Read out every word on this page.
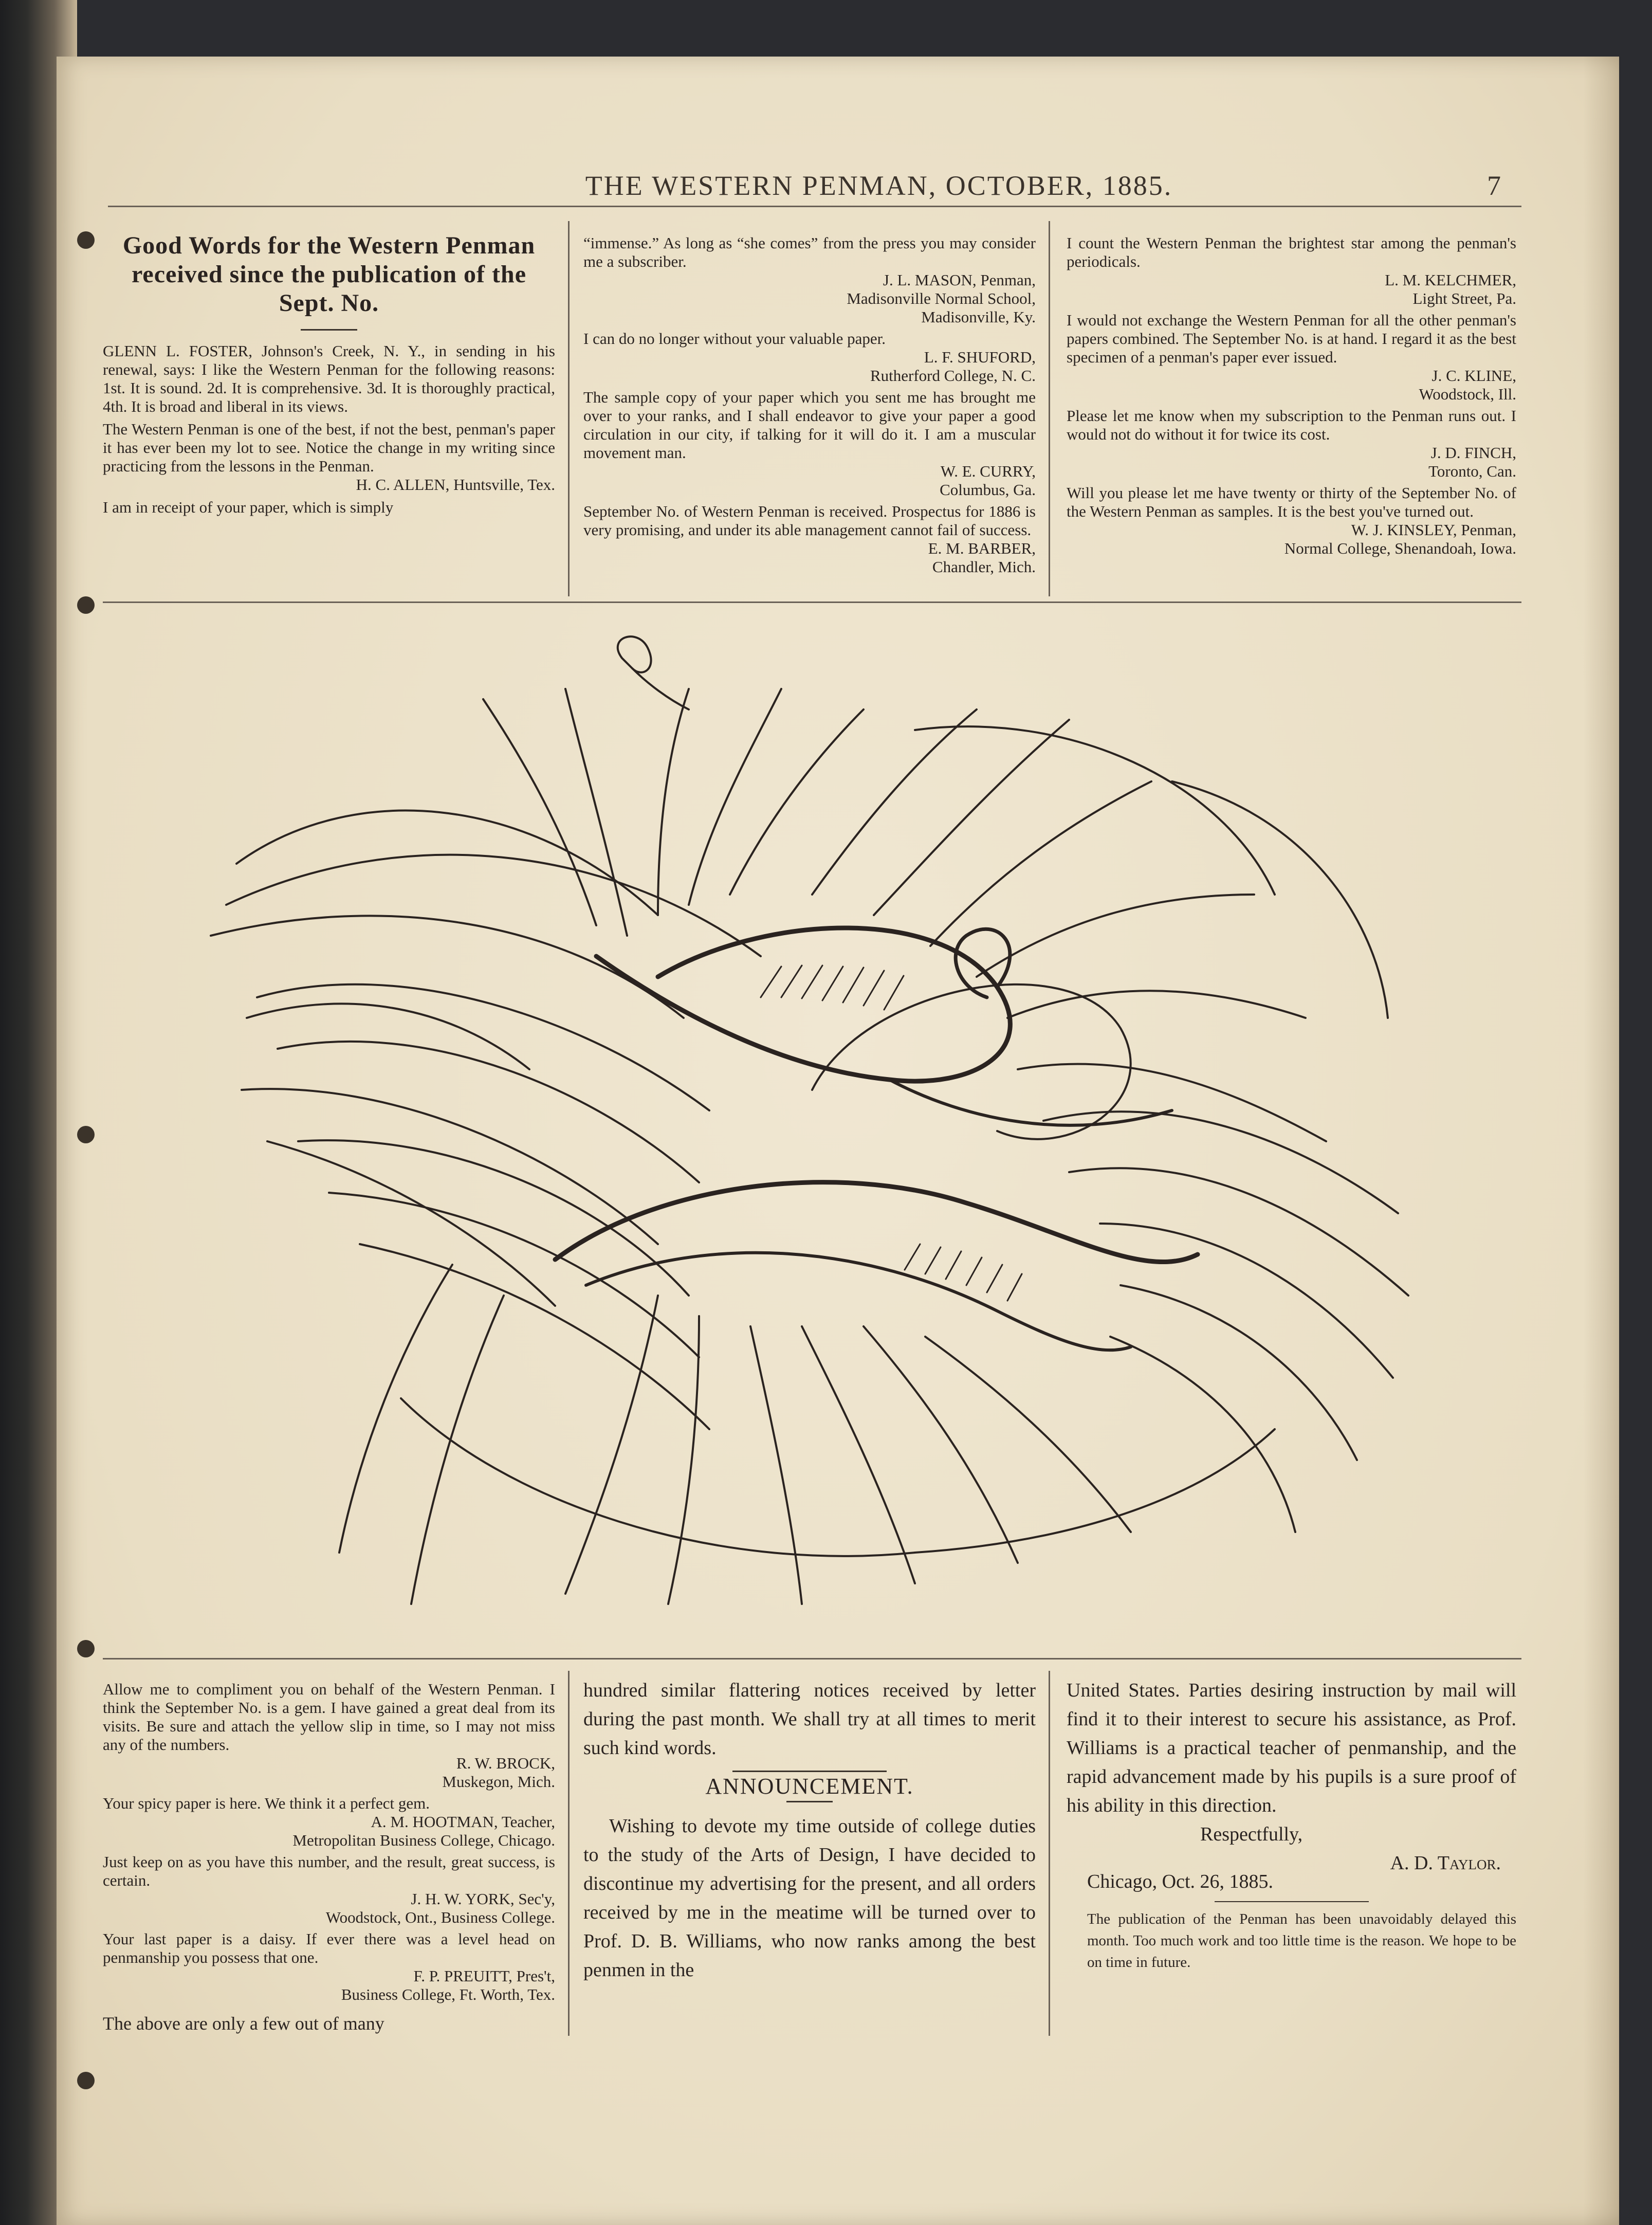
THE WESTERN PENMAN, OCTOBER, 1885.	7

Good Words for the Western Penman received since the publication of the Sept. No.

GLENN L. FOSTER, Johnson's Creek, N. Y., in sending in his renewal, says: I like the Western Penman for the following reasons: 1st. It is sound. 2d. It is comprehensive. 3d. It is thoroughly practical, 4th. It is broad and liberal in its views.

The Western Penman is one of the best, if not the best, penman's paper it has ever been my lot to see. Notice the change in my writing since practicing from the lessons in the Penman.

H. C. ALLEN, Huntsville, Tex.

I am in receipt of your paper, which is simply

“immense.” As long as “she comes” from the press you may consider me a subscriber.

J. L. MASON, Penman,

Madisonville Normal School,

Madisonville, Ky.

I can do no longer without your valuable paper.

L. F. SHUFORD,

Rutherford College, N. C.

The sample copy of your paper which you sent me has brought me over to your ranks, and I shall endeavor to give your paper a good circulation in our city, if talking for it will do it. I am a muscular movement man.

W. E. CURRY,

Columbus, Ga.

September No. of Western Penman is received. Prospectus for 1886 is very promising, and under its able management cannot fail of success.

E. M. BARBER,

Chandler, Mich.

I count the Western Penman the brightest star among the penman's periodicals.

L. M. KELCHMER,

Light Street, Pa.

I would not exchange the Western Penman for all the other penman's papers combined. The September No. is at hand. I regard it as the best specimen of a penman's paper ever issued.

J. C. KLINE,

Woodstock, Ill.

Please let me know when my subscription to the Penman runs out. I would not do without it for twice its cost.

J. D. FINCH,

Toronto, Can.

Will you please let me have twenty or thirty of the September No. of the Western Penman as samples. It is the best you've turned out.

W. J. KINSLEY, Penman,

Normal College, Shenandoah, Iowa.

Allow me to compliment you on behalf of the Western Penman. I think the September No. is a gem. I have gained a great deal from its visits. Be sure and attach the yellow slip in time, so I may not miss any of the numbers.

R. W. BROCK,

Muskegon, Mich.

Your spicy paper is here. We think it a perfect gem.

A. M. HOOTMAN, Teacher,

Metropolitan Business College, Chicago.

Just keep on as you have this number, and the result, great success, is certain.

J. H. W. YORK, Sec'y,

Woodstock, Ont., Business College.

Your last paper is a daisy. If ever there was a level head on penmanship you possess that one.

F. P. PREUITT, Pres't,

Business College, Ft. Worth, Tex.

The above are only a few out of many

hundred similar flattering notices received by letter during the past month. We shall try at all times to merit such kind words.

ANNOUNCEMENT.

Wishing to devote my time outside of college duties to the study of the Arts of Design, I have decided to discontinue my advertising for the present, and all orders received by me in the meatime will be turned over to Prof. D. B. Williams, who now ranks among the best penmen in the

United States. Parties desiring instruction by mail will find it to their interest to secure his assistance, as Prof. Williams is a practical teacher of penmanship, and the rapid advancement made by his pupils is a sure proof of his ability in this direction.

Respectfully,

A. D. Taylor.

Chicago, Oct. 26, 1885.

The publication of the Penman has been unavoidably delayed this month. Too much work and too little time is the reason. We hope to be on time in future.
